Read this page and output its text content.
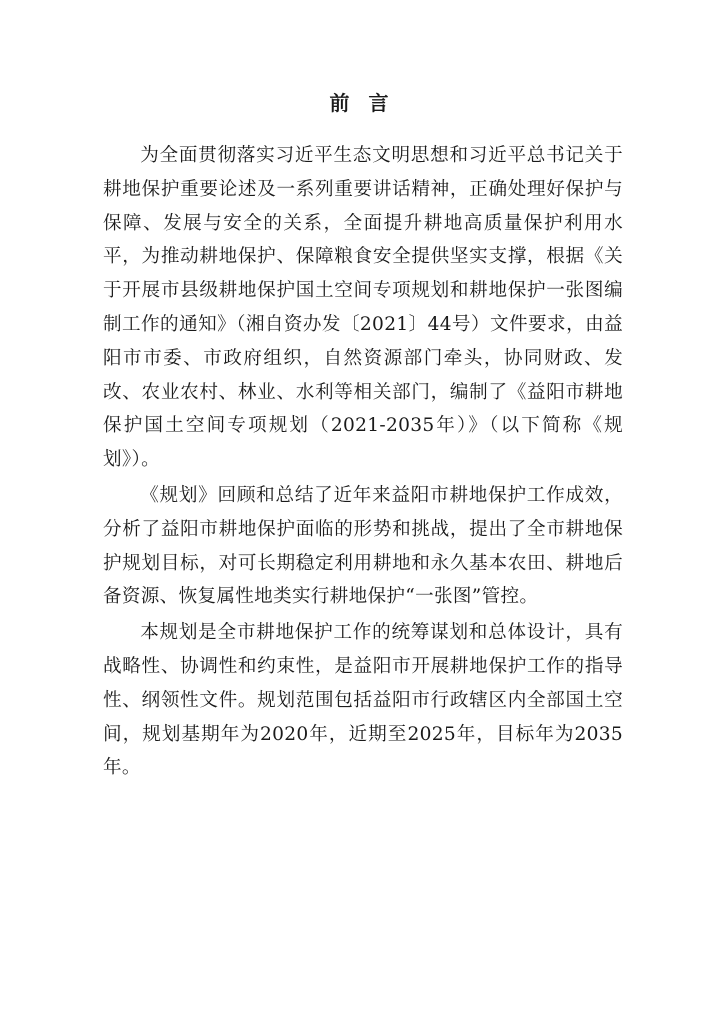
前 言

为全面贯彻落实习近平生态文明思想和习近平总书记关于耕地保护重要论述及一系列重要讲话精神，正确处理好保护与保障、发展与安全的关系，全面提升耕地高质量保护利用水平，为推动耕地保护、保障粮食安全提供坚实支撑，根据《关于开展市县级耕地保护国土空间专项规划和耕地保护一张图编制工作的通知》（湘自资办发〔2021〕44号）文件要求，由益阳市市委、市政府组织，自然资源部门牵头，协同财政、发改、农业农村、林业、水利等相关部门，编制了《益阳市耕地保护国土空间专项规划（2021-2035年）》（以下简称《规划》）。

《规划》回顾和总结了近年来益阳市耕地保护工作成效，分析了益阳市耕地保护面临的形势和挑战，提出了全市耕地保护规划目标，对可长期稳定利用耕地和永久基本农田、耕地后备资源、恢复属性地类实行耕地保护“一张图”管控。

本规划是全市耕地保护工作的统筹谋划和总体设计，具有战略性、协调性和约束性，是益阳市开展耕地保护工作的指导性、纲领性文件。规划范围包括益阳市行政辖区内全部国土空间，规划基期年为2020年，近期至2025年，目标年为2035年。
